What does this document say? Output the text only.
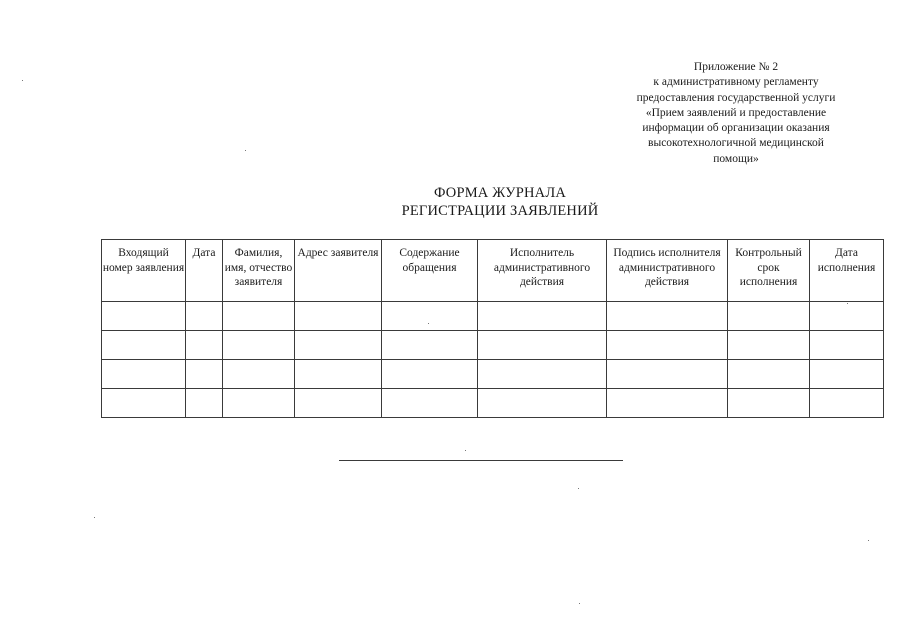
Приложение № 2
к административному регламенту
предоставления государственной услуги
«Прием заявлений и предоставление
информации об организации оказания
высокотехнологичной медицинской
помощи»
ФОРМА ЖУРНАЛА
РЕГИСТРАЦИИ ЗАЯВЛЕНИЙ
Входящий номер заявления	Дата	Фамилия, имя, отчество заявителя	Адрес заявителя	Содержание обращения	Исполнитель административного действия	Подпись исполнителя административного действия	Контрольный срок исполнения	Дата исполнения
